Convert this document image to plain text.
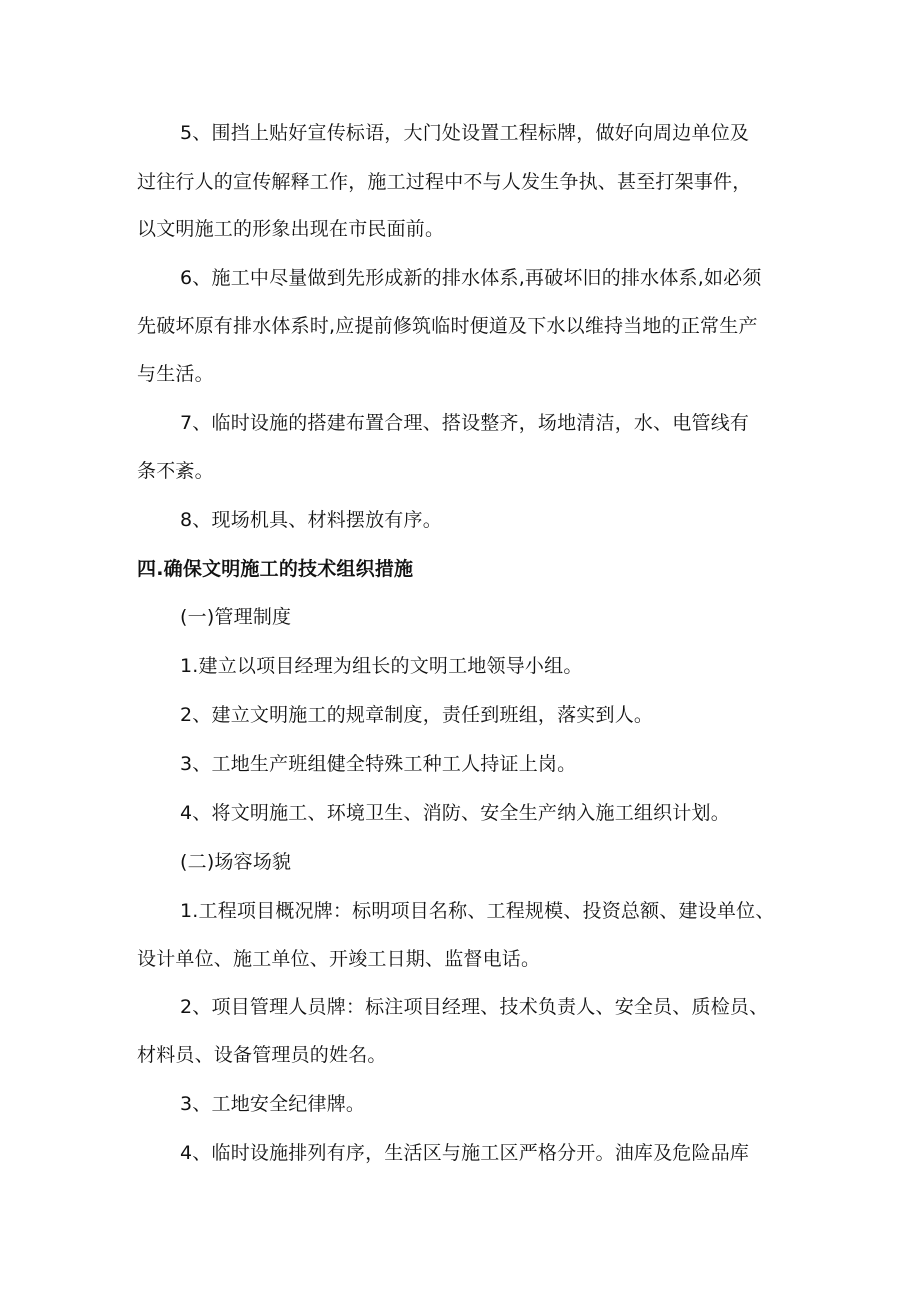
5、围挡上贴好宣传标语，大门处设置工程标牌，做好向周边单位及
过往行人的宣传解释工作，施工过程中不与人发生争执、甚至打架事件，
以文明施工的形象出现在市民面前。
6、施工中尽量做到先形成新的排水体系,再破坏旧的排水体系,如必须
先破坏原有排水体系时,应提前修筑临时便道及下水以维持当地的正常生产
与生活。
7、临时设施的搭建布置合理、搭设整齐，场地清洁，水、电管线有
条不紊。
8、现场机具、材料摆放有序。
四.确保文明施工的技术组织措施
(一)管理制度
1.建立以项目经理为组长的文明工地领导小组。
2、建立文明施工的规章制度，责任到班组，落实到人。
3、工地生产班组健全特殊工种工人持证上岗。
4、将文明施工、环境卫生、消防、安全生产纳入施工组织计划。
(二)场容场貌
1.工程项目概况牌：标明项目名称、工程规模、投资总额、建设单位、
设计单位、施工单位、开竣工日期、监督电话。
2、项目管理人员牌：标注项目经理、技术负责人、安全员、质检员、
材料员、设备管理员的姓名。
3、工地安全纪律牌。
4、临时设施排列有序，生活区与施工区严格分开。油库及危险品库
